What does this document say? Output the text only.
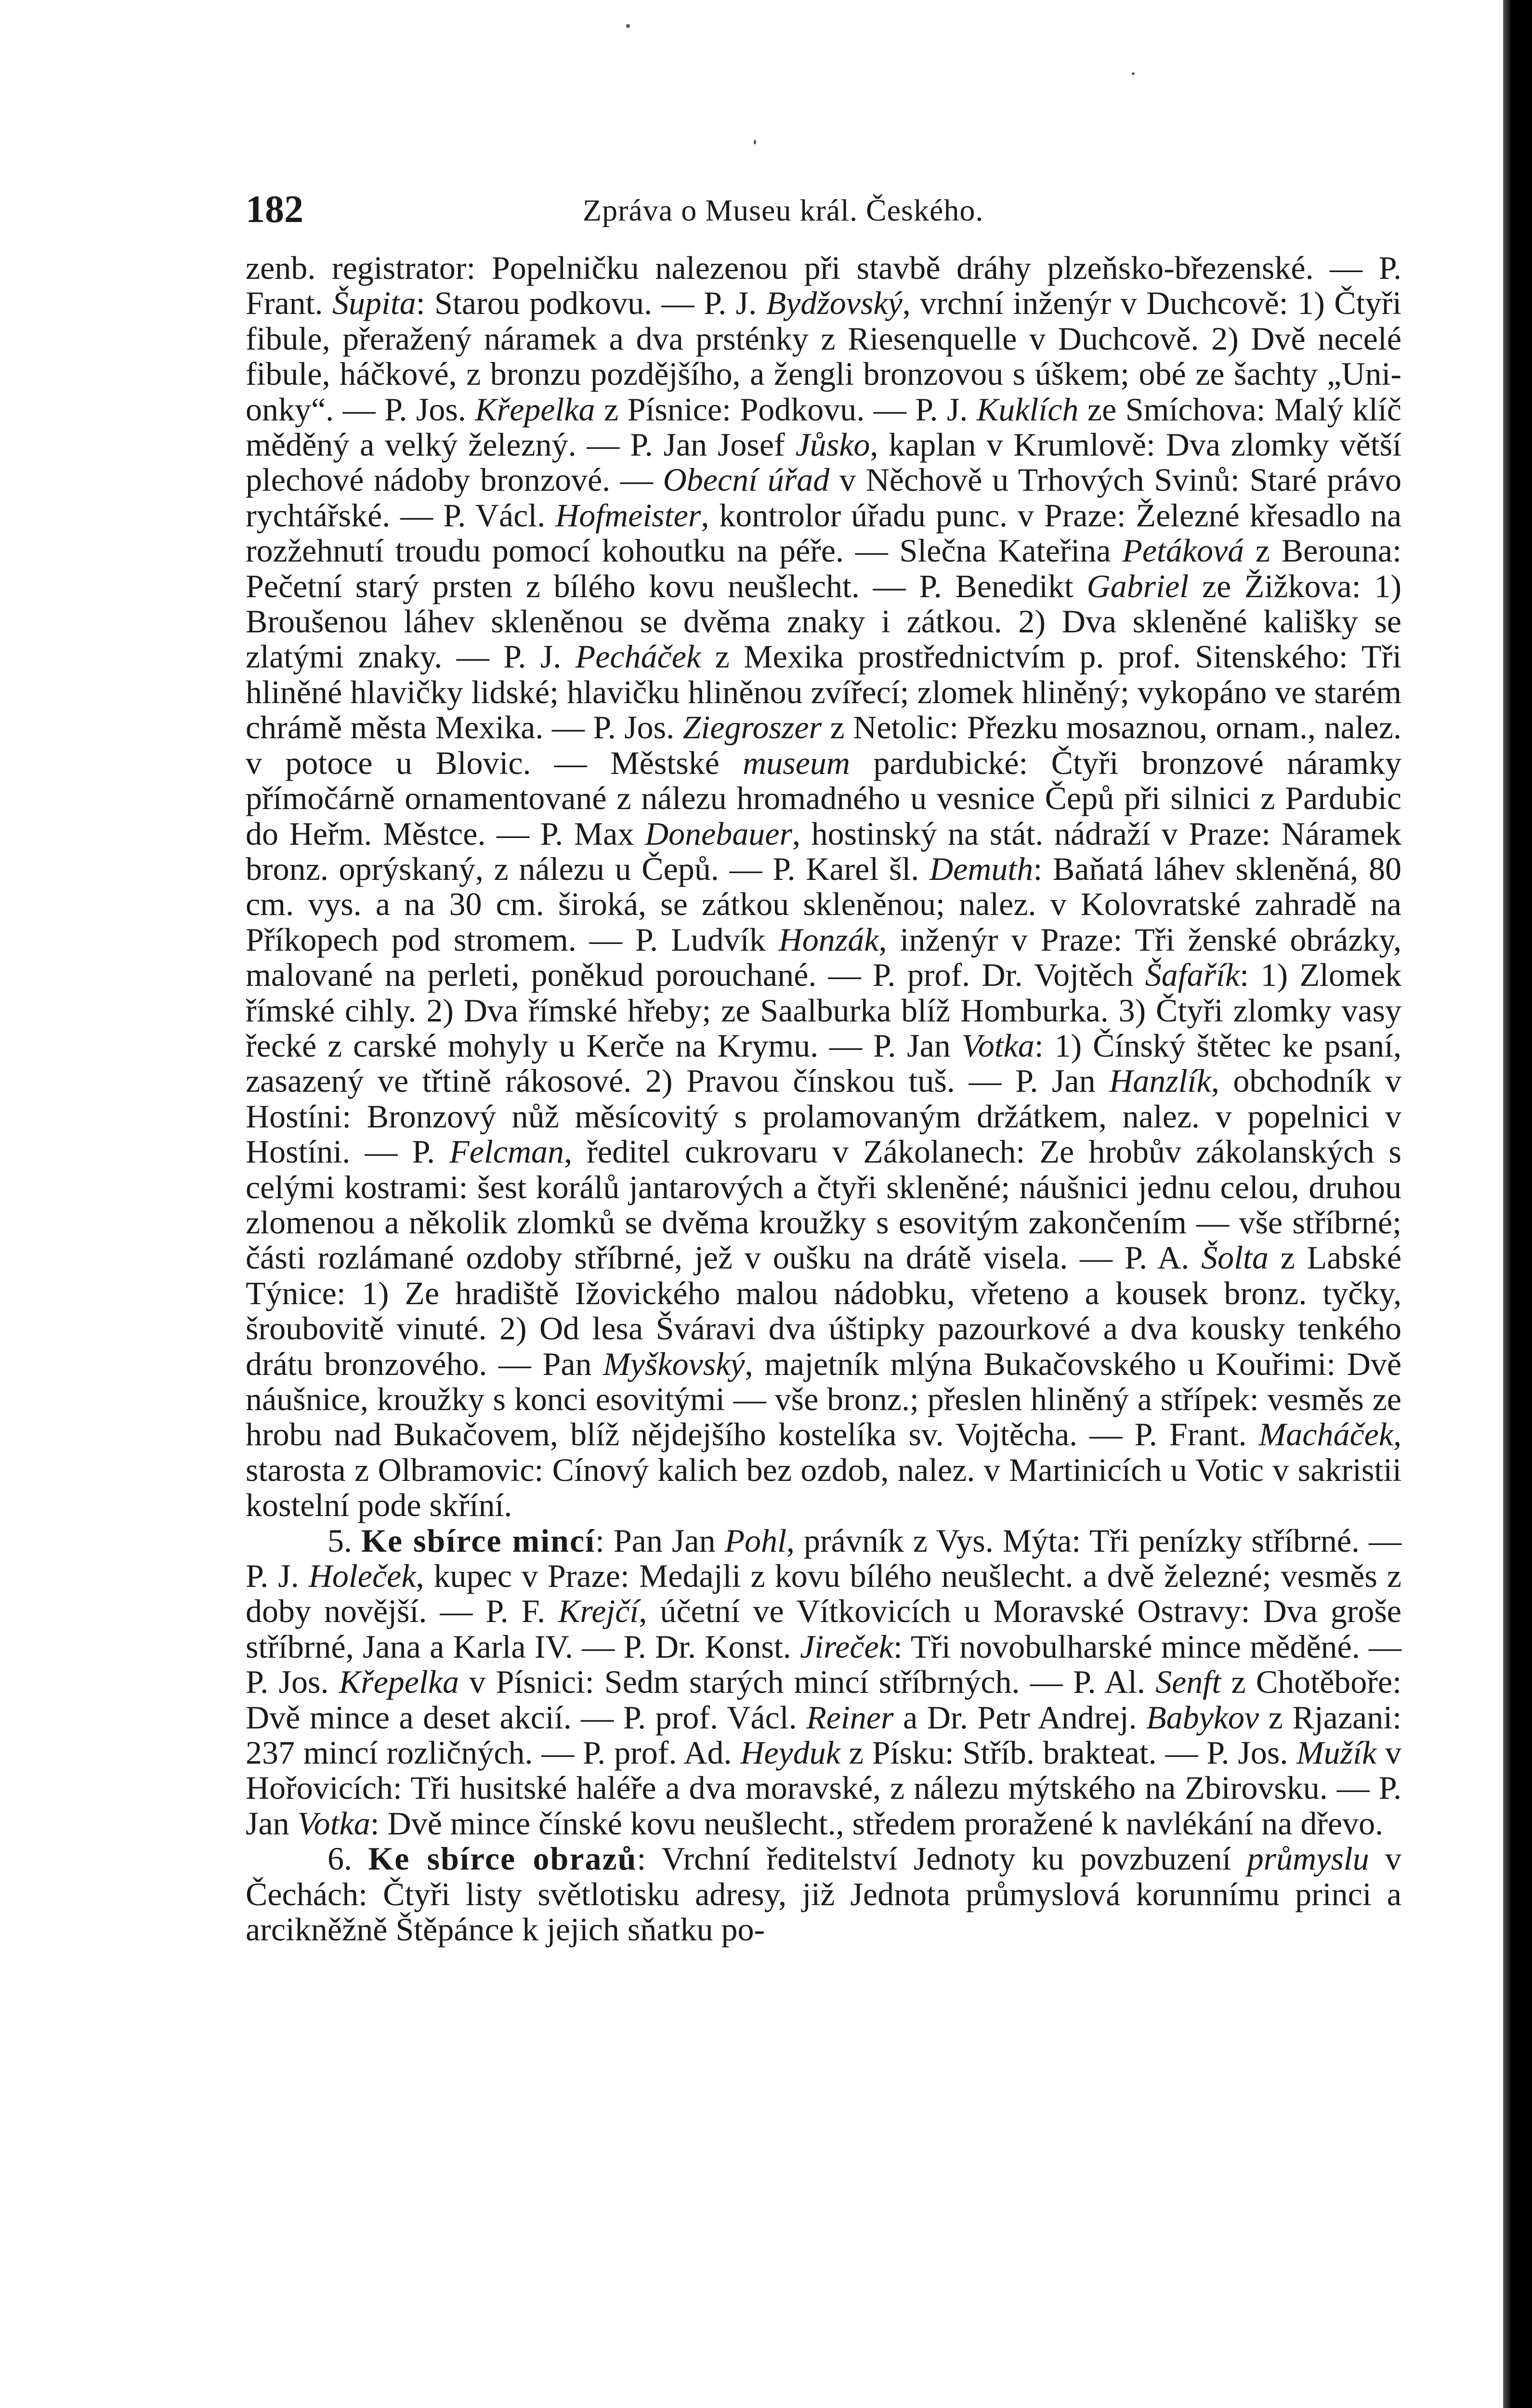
182	Zpráva o Museu král. Českého.

zenb. registrator: Popelničku nalezenou při stavbě dráhy plzeňsko-březenské. — P. Frant. Šupita: Starou podkovu. — P. J. Bydžovský, vrchní inženýr v Duchcově: 1) Čtyři fibule, přeražený náramek a dva prsténky z Riesenquelle v Duchcově. 2) Dvě necelé fibule, háčkové, z bronzu pozdějšího, a žengli bronzovou s úškem; obé ze šachty „Uni-onky“. — P. Jos. Křepelka z Písnice: Podkovu. — P. J. Kuklích ze Smíchova: Malý klíč měděný a velký železný. — P. Jan Josef Jůsko, kaplan v Krumlově: Dva zlomky větší plechové nádoby bronzové. — Obecní úřad v Něchově u Trhových Svinů: Staré právo rychtářské. — P. Václ. Hofmeister, kontrolor úřadu punc. v Praze: Železné křesadlo na rozžehnutí troudu pomocí kohoutku na péře. — Slečna Kateřina Petáková z Berouna: Pečetní starý prsten z bílého kovu neušlecht. — P. Benedikt Gabriel ze Žižkova: 1) Broušenou láhev skleněnou se dvěma znaky i zátkou. 2) Dva skleněné kališky se zlatými znaky. — P. J. Pecháček z Mexika prostřednictvím p. prof. Sitenského: Tři hliněné hlavičky lidské; hlavičku hliněnou zvířecí; zlomek hliněný; vykopáno ve starém chrámě města Mexika. — P. Jos. Ziegroszer z Netolic: Přezku mosaznou, ornam., nalez. v potoce u Blovic. — Městské museum pardubické: Čtyři bronzové náramky přímočárně ornamentované z nálezu hromadného u vesnice Čepů při silnici z Pardubic do Heřm. Městce. — P. Max Donebauer, hostinský na stát. nádraží v Praze: Náramek bronz. oprýskaný, z nálezu u Čepů. — P. Karel šl. Demuth: Baňatá láhev skleněná, 80 cm. vys. a na 30 cm. široká, se zátkou skleněnou; nalez. v Kolovratské zahradě na Příkopech pod stromem. — P. Ludvík Honzák, inženýr v Praze: Tři ženské obrázky, malované na perleti, poněkud porouchané. — P. prof. Dr. Vojtěch Šafařík: 1) Zlomek římské cihly. 2) Dva římské hřeby; ze Saalburka blíž Homburka. 3) Čtyři zlomky vasy řecké z carské mohyly u Kerče na Krymu. — P. Jan Votka: 1) Čínský štětec ke psaní, zasazený ve třtině rákosové. 2) Pravou čínskou tuš. — P. Jan Hanzlík, obchodník v Hostíni: Bronzový nůž měsícovitý s prolamovaným držátkem, nalez. v popelnici v Hostíni. — P. Felcman, ředitel cukrovaru v Zákolanech: Ze hrobův zákolanských s celými kostrami: šest korálů jantarových a čtyři skleněné; náušnici jednu celou, druhou zlomenou a několik zlomků se dvěma kroužky s esovitým zakončením — vše stříbrné; části rozlámané ozdoby stříbrné, jež v oušku na drátě visela. — P. A. Šolta z Labské Týnice: 1) Ze hradiště Ižovického malou nádobku, vřeteno a kousek bronz. tyčky, šroubovitě vinuté. 2) Od lesa Šváravi dva úštipky pazourkové a dva kousky tenkého drátu bronzového. — Pan Myškovský, majetník mlýna Bukačovského u Kouřimi: Dvě náušnice, kroužky s konci esovitými — vše bronz.; přeslen hliněný a střípek: vesměs ze hrobu nad Bukačovem, blíž nějdejšího kostelíka sv. Vojtěcha. — P. Frant. Macháček, starosta z Olbramovic: Cínový kalich bez ozdob, nalez. v Martinicích u Votic v sakristii kostelní pode skříní.

5. Ke sbírce mincí: Pan Jan Pohl, právník z Vys. Mýta: Tři penízky stříbrné. — P. J. Holeček, kupec v Praze: Medajli z kovu bílého neušlecht. a dvě železné; vesměs z doby novější. — P. F. Krejčí, účetní ve Vítkovicích u Moravské Ostravy: Dva groše stříbrné, Jana a Karla IV. — P. Dr. Konst. Jireček: Tři novobulharské mince měděné. — P. Jos. Křepelka v Písnici: Sedm starých mincí stříbrných. — P. Al. Senft z Chotěboře: Dvě mince a deset akcií. — P. prof. Václ. Reiner a Dr. Petr Andrej. Babykov z Rjazani: 237 mincí rozličných. — P. prof. Ad. Heyduk z Písku: Stříb. brakteat. — P. Jos. Mužík v Hořovicích: Tři husitské haléře a dva moravské, z nálezu mýtského na Zbirovsku. — P. Jan Votka: Dvě mince čínské kovu neušlecht., středem proražené k navlékání na dřevo.

6. Ke sbírce obrazů: Vrchní ředitelství Jednoty ku povzbuzení průmyslu v Čechách: Čtyři listy světlotisku adresy, již Jednota průmyslová korunnímu princi a arcikněžně Štěpánce k jejich sňatku po-
